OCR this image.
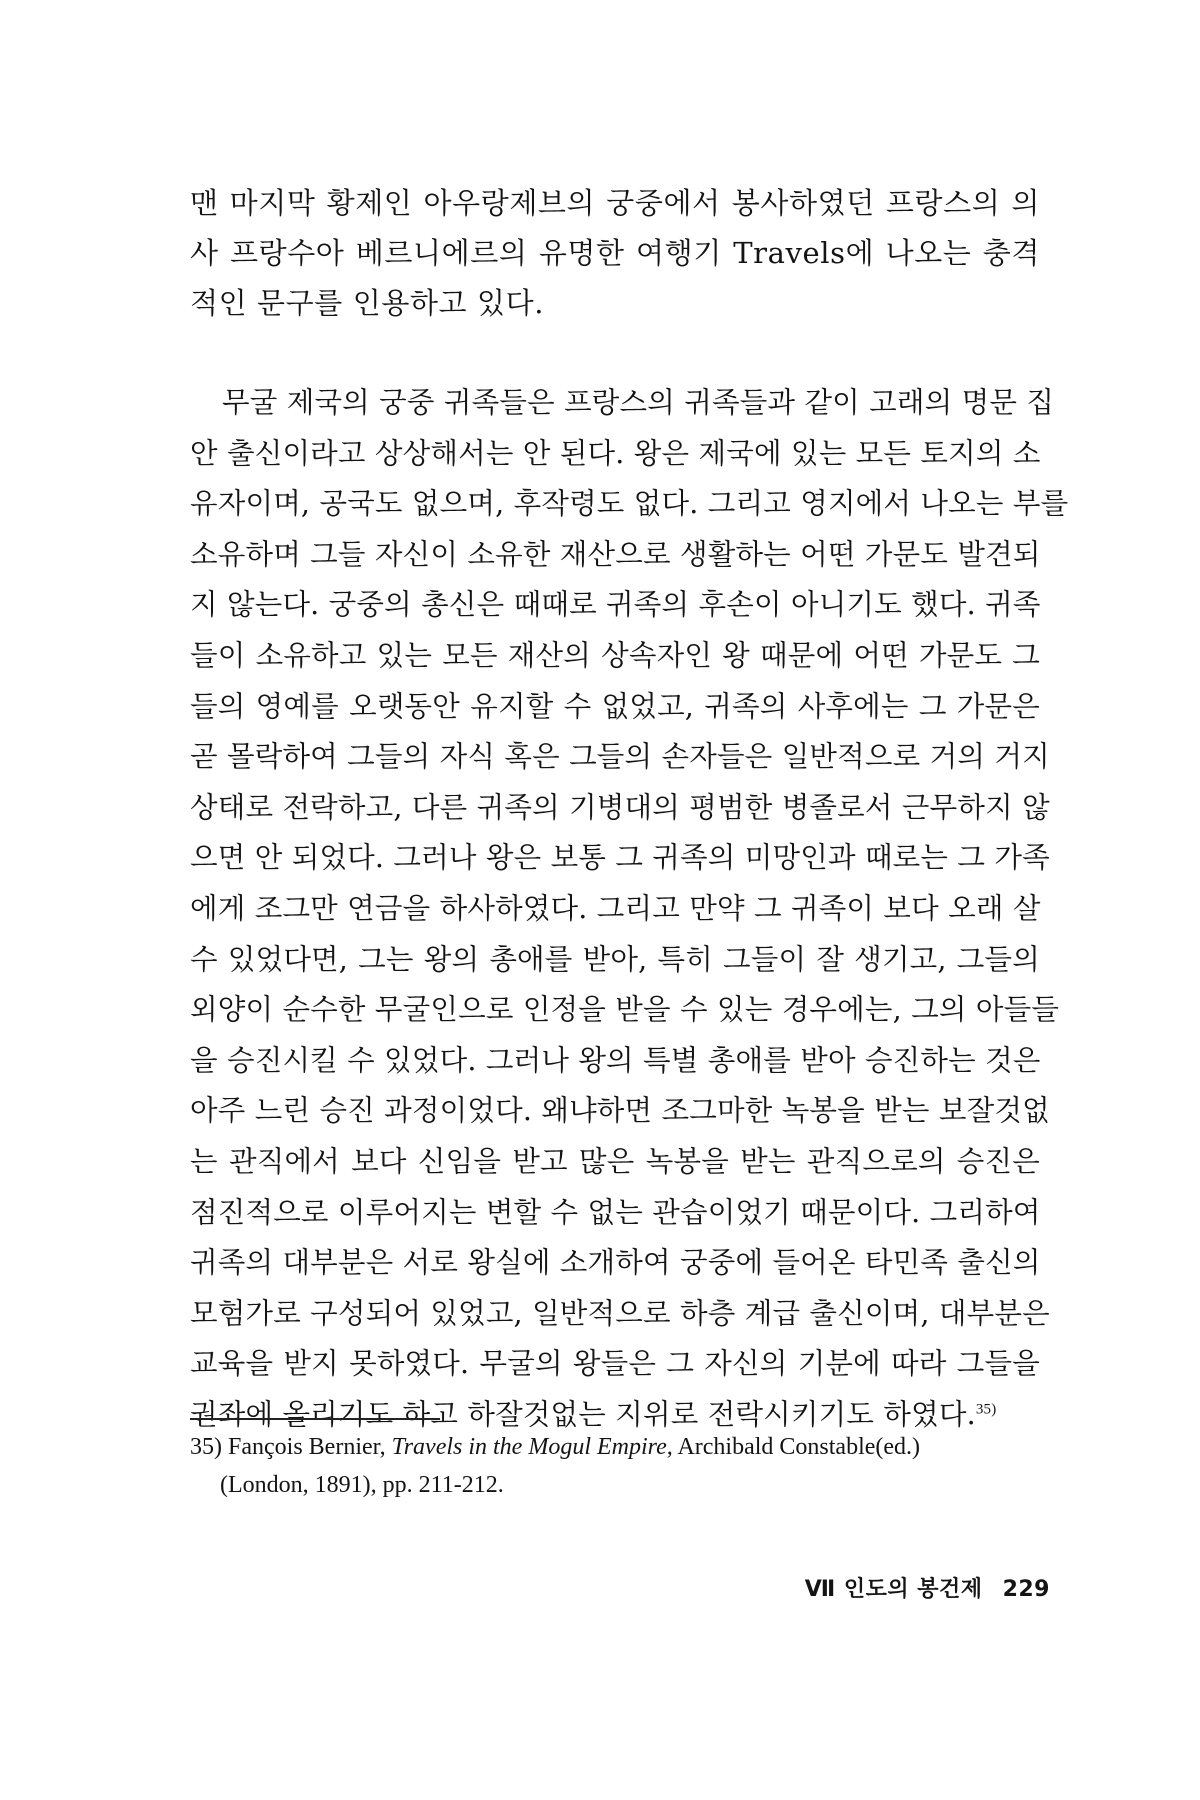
맨 마지막 황제인 아우랑제브의 궁중에서 봉사하였던 프랑스의 의사 프랑수아 베르니에르의 유명한 여행기 Travels에 나오는 충격적인 문구를 인용하고 있다.

무굴 제국의 궁중 귀족들은 프랑스의 귀족들과 같이 고래의 명문 집
안 출신이라고 상상해서는 안 된다. 왕은 제국에 있는 모든 토지의 소
유자이며, 공국도 없으며, 후작령도 없다. 그리고 영지에서 나오는 부를
소유하며 그들 자신이 소유한 재산으로 생활하는 어떤 가문도 발견되
지 않는다. 궁중의 총신은 때때로 귀족의 후손이 아니기도 했다. 귀족
들이 소유하고 있는 모든 재산의 상속자인 왕 때문에 어떤 가문도 그
들의 영예를 오랫동안 유지할 수 없었고, 귀족의 사후에는 그 가문은
곧 몰락하여 그들의 자식 혹은 그들의 손자들은 일반적으로 거의 거지
상태로 전락하고, 다른 귀족의 기병대의 평범한 병졸로서 근무하지 않
으면 안 되었다. 그러나 왕은 보통 그 귀족의 미망인과 때로는 그 가족
에게 조그만 연금을 하사하였다. 그리고 만약 그 귀족이 보다 오래 살
수 있었다면, 그는 왕의 총애를 받아, 특히 그들이 잘 생기고, 그들의
외양이 순수한 무굴인으로 인정을 받을 수 있는 경우에는, 그의 아들들
을 승진시킬 수 있었다. 그러나 왕의 특별 총애를 받아 승진하는 것은
아주 느린 승진 과정이었다. 왜냐하면 조그마한 녹봉을 받는 보잘것없
는 관직에서 보다 신임을 받고 많은 녹봉을 받는 관직으로의 승진은
점진적으로 이루어지는 변할 수 없는 관습이었기 때문이다. 그리하여
귀족의 대부분은 서로 왕실에 소개하여 궁중에 들어온 타민족 출신의
모험가로 구성되어 있었고, 일반적으로 하층 계급 출신이며, 대부분은
교육을 받지 못하였다. 무굴의 왕들은 그 자신의 기분에 따라 그들을
권좌에 올리기도 하고 하잘것없는 지위로 전락시키기도 하였다.$^{35)}$

35) Fançois Bernier, Travels in the Mogul Empire, Archibald Constable(ed.)
(London, 1891), pp. 211-212.

Ⅶ 인도의 봉건제 229
